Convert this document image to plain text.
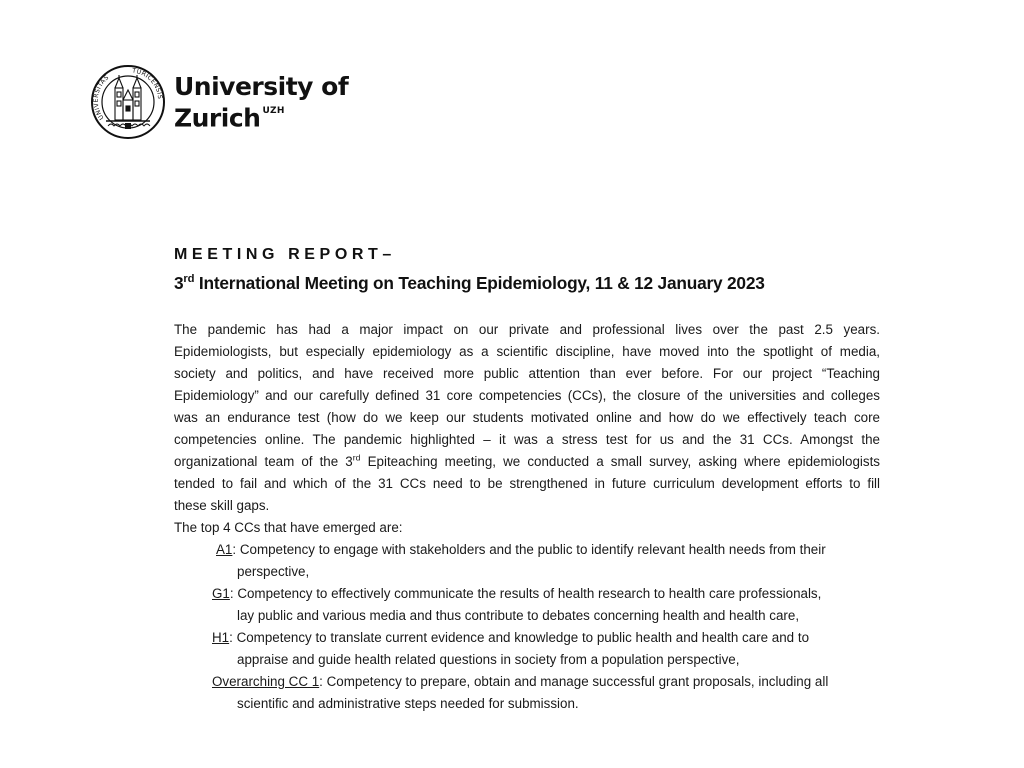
UNIVERSITAS
TURICENSIS University of
Zurich $^{UZH}$
MEETING REPORT–
3rd International Meeting on Teaching Epidemiology, 11 & 12 January 2023
The pandemic has had a major impact on our private and professional lives over the past 2.5 years.
Epidemiologists, but especially epidemiology as a scientific discipline, have moved into the spotlight of media,
society and politics, and have received more public attention than ever before. For our project “Teaching
Epidemiology” and our carefully defined 31 core competencies (CCs), the closure of the universities and colleges
was an endurance test (how do we keep our students motivated online and how do we effectively teach core
competencies online. The pandemic highlighted – it was a stress test for us and the 31 CCs. Amongst the
organizational team of the 3rd Epiteaching meeting, we conducted a small survey, asking where epidemiologists
tended to fail and which of the 31 CCs need to be strengthened in future curriculum development efforts to fill
these skill gaps.
The top 4 CCs that have emerged are:
A1: Competency to engage with stakeholders and the public to identify relevant health needs from their
perspective,
G1: Competency to effectively communicate the results of health research to health care professionals,
lay public and various media and thus contribute to debates concerning health and health care,
H1: Competency to translate current evidence and knowledge to public health and health care and to
appraise and guide health related questions in society from a population perspective,
Overarching CC 1: Competency to prepare, obtain and manage successful grant proposals, including all
scientific and administrative steps needed for submission.
